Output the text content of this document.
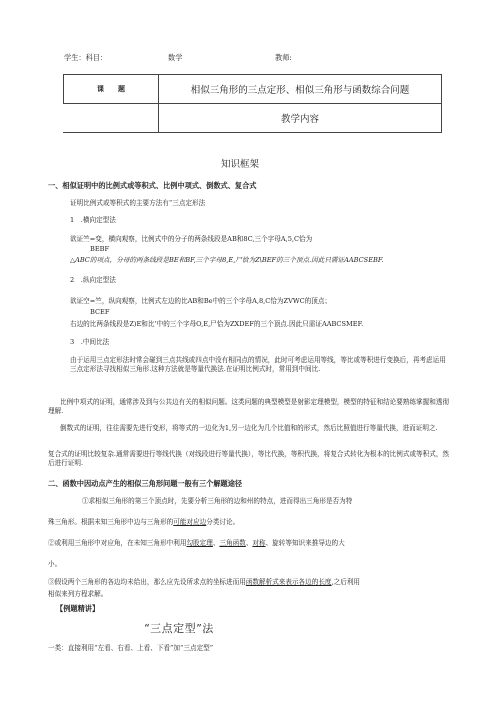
学生：科目：	数学	教师:
课　　题	相似三角形的三点定形、相似三角形与函数综合问题
	教学内容
知识框架
一、相似证明中的比例式或等积式、比例中项式、倒数式、复合式
证明比例式或等积式的主要方法有“三点定形法
1　.横向定型法
欲证竺=变，横向观察，比例式中的分子的两条线段是AB和8C,三个字母A,5,C恰为
BEBF
△ABC的项点，分母的两条线段是BE和BF,三个字母8,E,尸恰为Z\BEF的三个顶点.因此只需证AABCSEBF.
2　.纵向定型法
欲证空=竺，纵向观察，比例式左边的比AB和Be中的三个字母A,8,C恰为ZVWC的顶点；
BCEF
右边的比两条线段是Z)E和比’中的三个字母O,E,尸恰为ZXDEF的三个顶点.因此只需证AABCSMEF.
3　.中间比法
由于运用三点定形法时常会碰到三点共线或四点中没有相同点的情况，此时可考虑运用等线，等比或等积进行变换后，再考虑运用三点定形法寻找相似三角形.这种方法就是等量代换法.在证明比例式时，常用到中间比.
比例中项式的证明，通常涉及到与公共边有关的相似问题。这类问题的典型模型是射影定理模型，模型的特征和结论要熟练掌握和透彻理解.
倒数式的证明，往往需要先进行变形，将等式的一边化为1,另一边化为几个比值和的形式，然后比照值进行等量代换，进而证明之.
复合式的证明比较复杂.通常需要进行等线代换（对线段进行等量代换），等比代换，等积代换，将复合式转化为根本的比例式或等积式，然后进行证明.
二、函数中因动点产生的相似三角形问题一般有三个解题途径
①求相似三角形的第三个顶点时，先要分析三角形的边和州的特点，进而得出三角形是否为特
殊三角形。根据未知三角形中边与三角形的可能对应边分类讨论。
②或利用三角形中对应角，在未知三角形中利用勾股定理、三角函数、对称、旋转等知识来推导边的大
小。
③假设两个三角形的各边均未给出，那么应先设所求点的坐标进而用函数解析式来表示各边的长度,之后利用
相似来列方程求解。
【例题精讲】
“三点定型”法
一类：直接利用“左看、右看、上看、下看”加“三点定型”
